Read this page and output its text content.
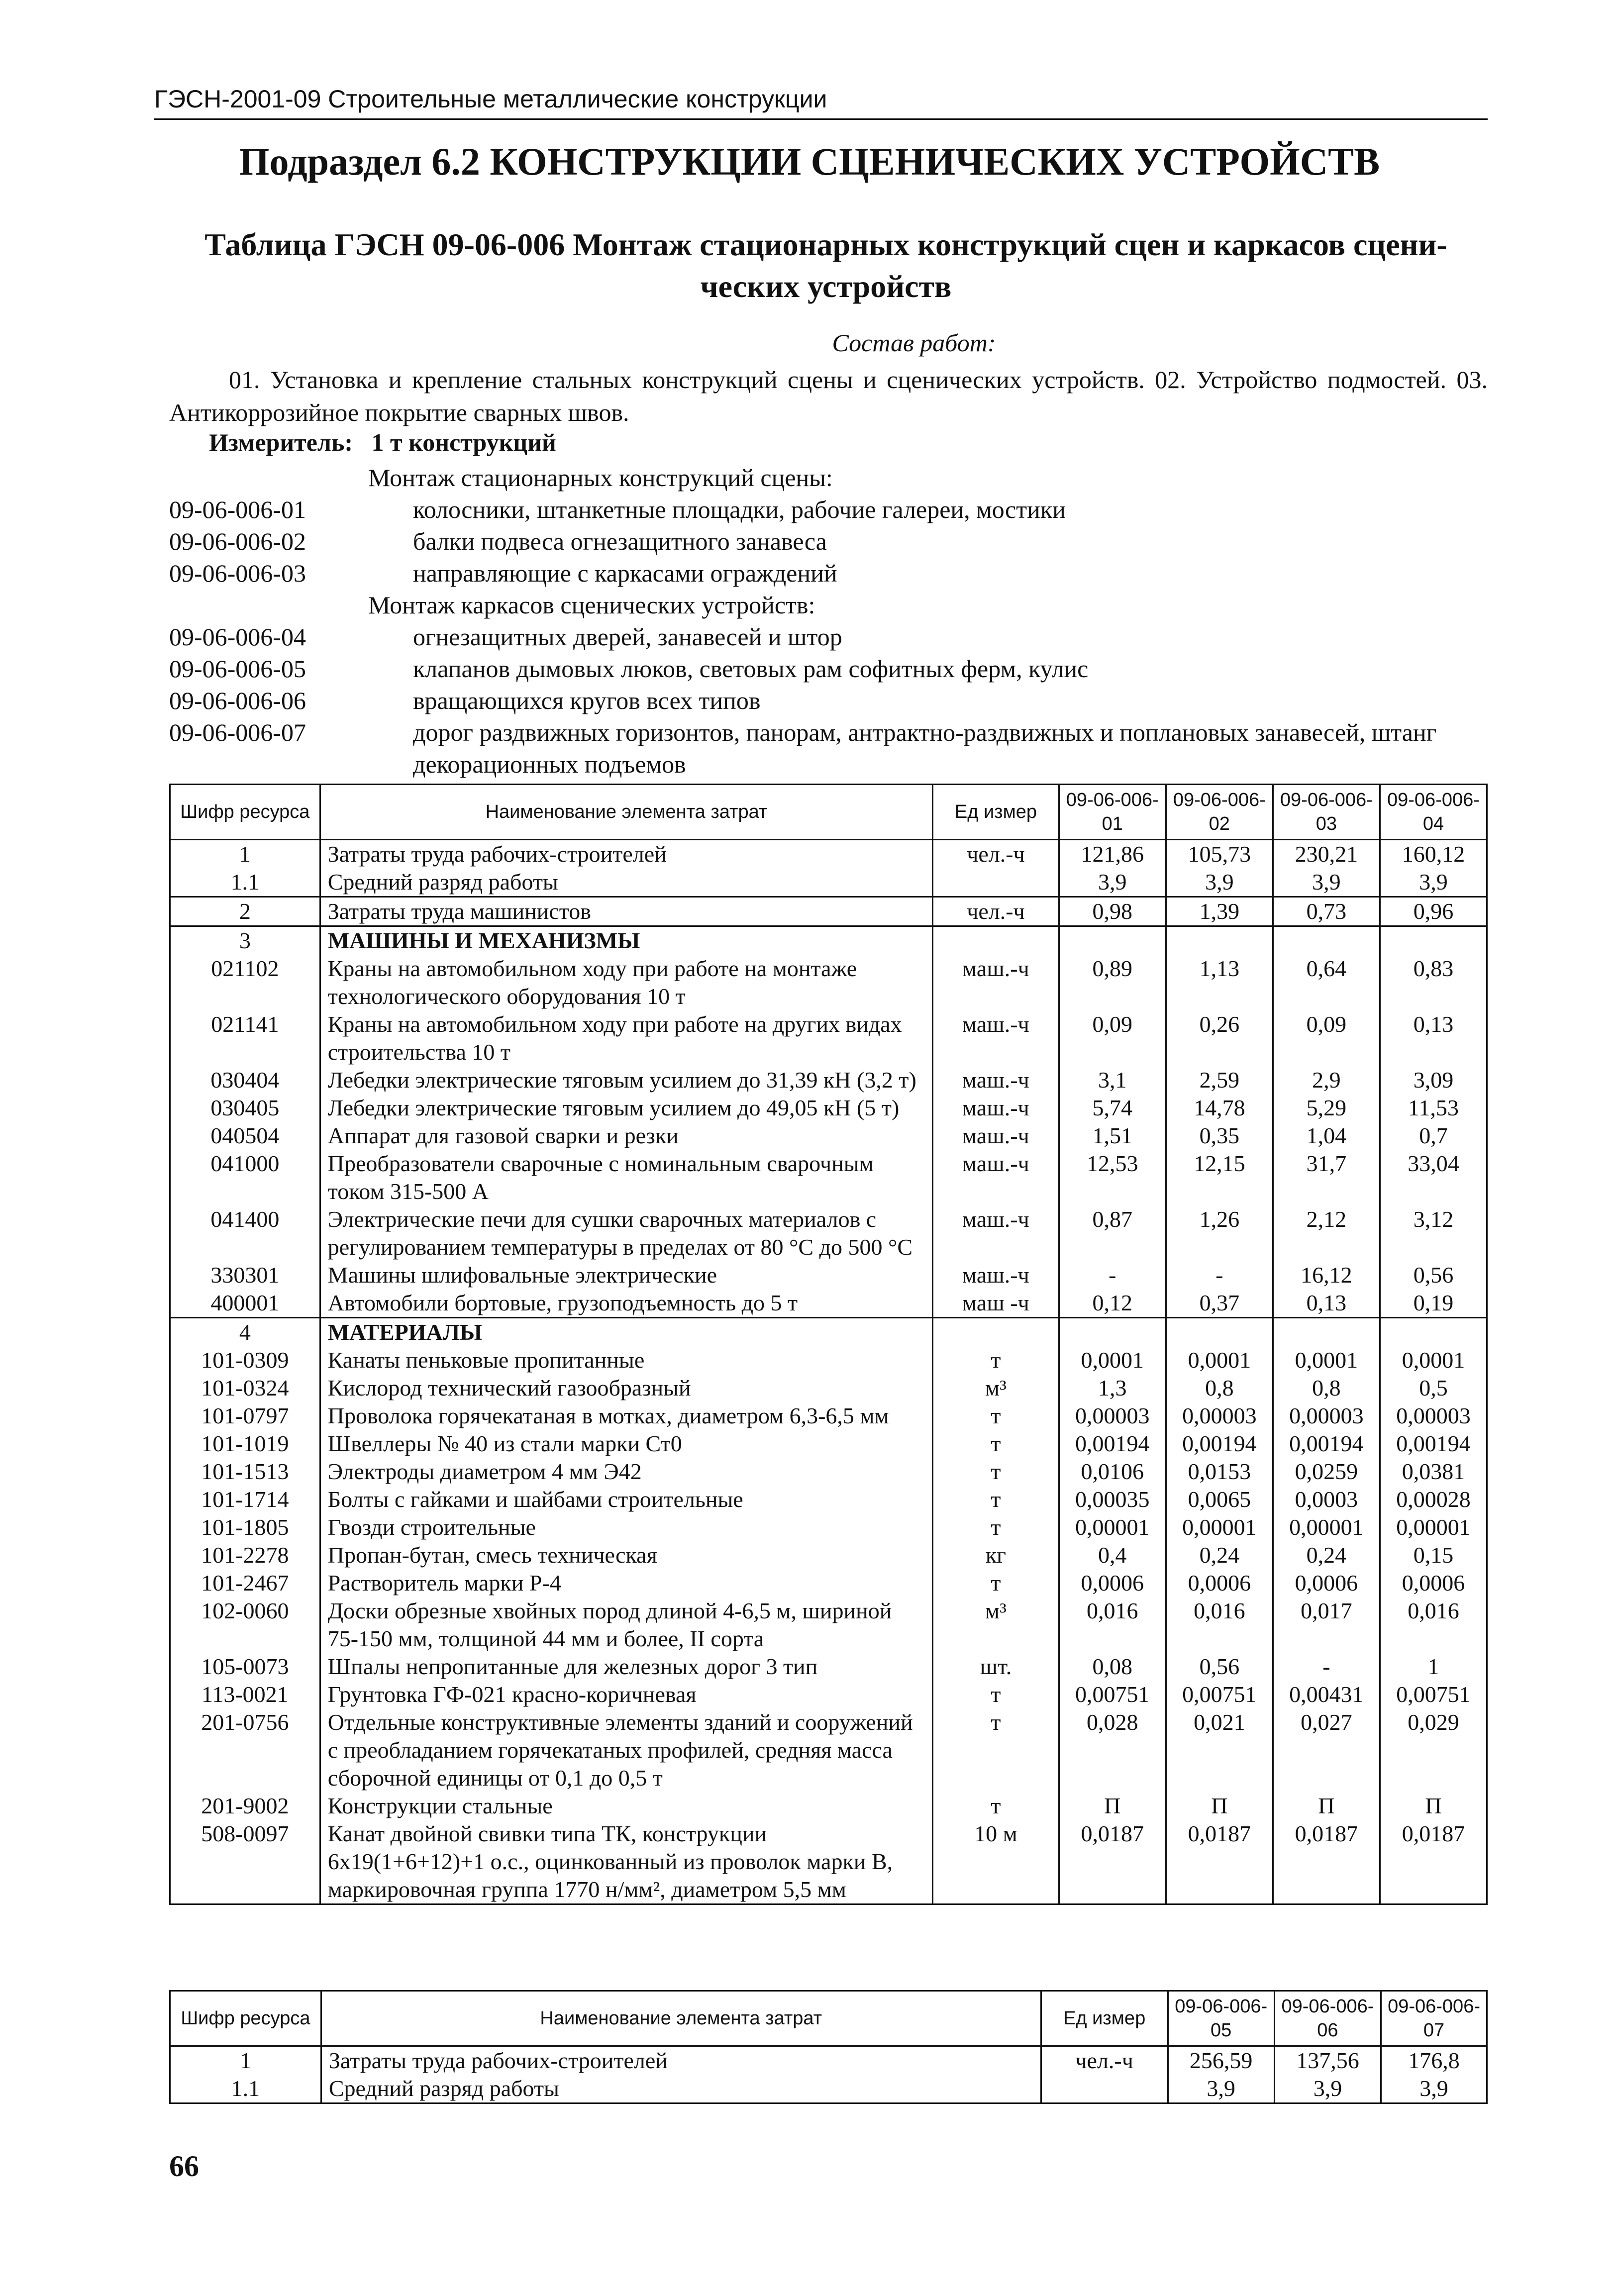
ГЭСН-2001-09 Строительные металлические конструкции
Подраздел 6.2 КОНСТРУКЦИИ СЦЕНИЧЕСКИХ УСТРОЙСТВ
Таблица ГЭСН 09-06-006 Монтаж стационарных конструкций сцен и каркасов сцени-
ческих устройств
Состав работ:
01. Установка и крепление стальных конструкций сцены и сценических устройств. 02. Устройство подмостей. 03. Антикоррозийное покрытие сварных швов.
Измеритель: 1 т конструкций
Монтаж стационарных конструкций сцены:
09-06-006-01	колосники, штанкетные площадки, рабочие галереи, мостики
09-06-006-02	балки подвеса огнезащитного занавеса
09-06-006-03	направляющие с каркасами ограждений
Монтаж каркасов сценических устройств:
09-06-006-04	огнезащитных дверей, занавесей и штор
09-06-006-05	клапанов дымовых люков, световых рам софитных ферм, кулис
09-06-006-06	вращающихся кругов всех типов
09-06-006-07	дорог раздвижных горизонтов, панорам, антрактно-раздвижных и поплановых занавесей, штанг декорационных подъемов
Шифр ресурса	Наименование элемента затрат	Ед измер	09-06-006-01	09-06-006-02	09-06-006-03	09-06-006-04
1	Затраты труда рабочих-строителей	чел.-ч	121,86	105,73	230,21	160,12
1.1	Средний разряд работы		3,9	3,9	3,9	3,9
2	Затраты труда машинистов	чел.-ч	0,98	1,39	0,73	0,96
3	МАШИНЫ И МЕХАНИЗМЫ					
021102	Краны на автомобильном ходу при работе на монтаже технологического оборудования 10 т	маш.-ч	0,89	1,13	0,64	0,83
021141	Краны на автомобильном ходу при работе на других видах строительства 10 т	маш.-ч	0,09	0,26	0,09	0,13
030404	Лебедки электрические тяговым усилием до 31,39 кН (3,2 т)	маш.-ч	3,1	2,59	2,9	3,09
030405	Лебедки электрические тяговым усилием до 49,05 кН (5 т)	маш.-ч	5,74	14,78	5,29	11,53
040504	Аппарат для газовой сварки и резки	маш.-ч	1,51	0,35	1,04	0,7
041000	Преобразователи сварочные с номинальным сварочным током 315-500 А	маш.-ч	12,53	12,15	31,7	33,04
041400	Электрические печи для сушки сварочных материалов с регулированием температуры в пределах от 80 °С до 500 °С	маш.-ч	0,87	1,26	2,12	3,12
330301	Машины шлифовальные электрические	маш.-ч	-	-	16,12	0,56
400001	Автомобили бортовые, грузоподъемность до 5 т	маш -ч	0,12	0,37	0,13	0,19
4	МАТЕРИАЛЫ					
101-0309	Канаты пеньковые пропитанные	т	0,0001	0,0001	0,0001	0,0001
101-0324	Кислород технический газообразный	м³	1,3	0,8	0,8	0,5
101-0797	Проволока горячекатаная в мотках, диаметром 6,3-6,5 мм	т	0,00003	0,00003	0,00003	0,00003
101-1019	Швеллеры № 40 из стали марки Ст0	т	0,00194	0,00194	0,00194	0,00194
101-1513	Электроды диаметром 4 мм Э42	т	0,0106	0,0153	0,0259	0,0381
101-1714	Болты с гайками и шайбами строительные	т	0,00035	0,0065	0,0003	0,00028
101-1805	Гвозди строительные	т	0,00001	0,00001	0,00001	0,00001
101-2278	Пропан-бутан, смесь техническая	кг	0,4	0,24	0,24	0,15
101-2467	Растворитель марки Р-4	т	0,0006	0,0006	0,0006	0,0006
102-0060	Доски обрезные хвойных пород длиной 4-6,5 м, шириной 75-150 мм, толщиной 44 мм и более, II сорта	м³	0,016	0,016	0,017	0,016
105-0073	Шпалы непропитанные для железных дорог 3 тип	шт.	0,08	0,56	-	1
113-0021	Грунтовка ГФ-021 красно-коричневая	т	0,00751	0,00751	0,00431	0,00751
201-0756	Отдельные конструктивные элементы зданий и сооружений с преобладанием горячекатаных профилей, средняя масса сборочной единицы от 0,1 до 0,5 т	т	0,028	0,021	0,027	0,029
201-9002	Конструкции стальные	т	П	П	П	П
508-0097	Канат двойной свивки типа ТК, конструкции 6х19(1+6+12)+1 о.с., оцинкованный из проволок марки В, маркировочная группа 1770 н/мм², диаметром 5,5 мм	10 м	0,0187	0,0187	0,0187	0,0187
Шифр ресурса	Наименование элемента затрат	Ед измер	09-06-006-05	09-06-006-06	09-06-006-07
1	Затраты труда рабочих-строителей	чел.-ч	256,59	137,56	176,8
1.1	Средний разряд работы		3,9	3,9	3,9
66
